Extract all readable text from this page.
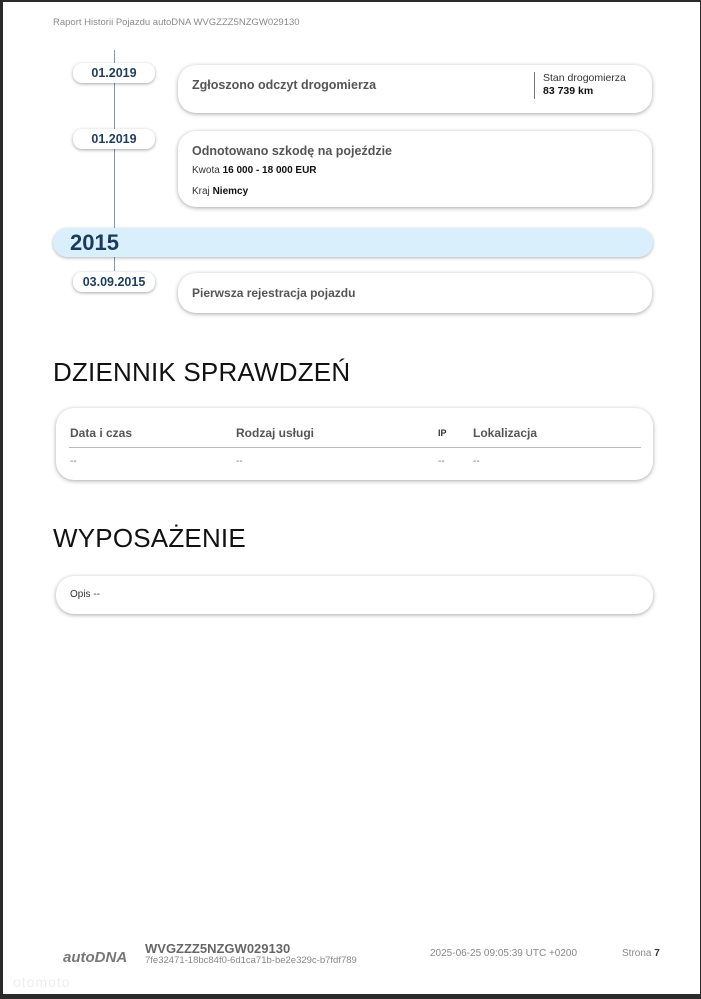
Raport Historii Pojazdu autoDNA WVGZZZ5NZGW029130
01.2019
Zgłoszono odczyt drogomierza	Stan drogomierza
83 739 km
01.2019
Odnotowano szkodę na pojeździe
Kwota 16 000 - 18 000 EUR
Kraj Niemcy
2015
03.09.2015
Pierwsza rejestracja pojazdu
DZIENNIK SPRAWDZEŃ
Data i czas	Rodzaj usługi	IP Lokalizacja
--	--	--	--
WYPOSAŻENIE
Opis --
autoDNA
WVGZZZ5NZGW029130
7fe32471-18bc84f0-6d1ca71b-be2e329c-b7fdf789
2025-06-25 09:05:39 UTC +0200	Strona 7
otomoto
